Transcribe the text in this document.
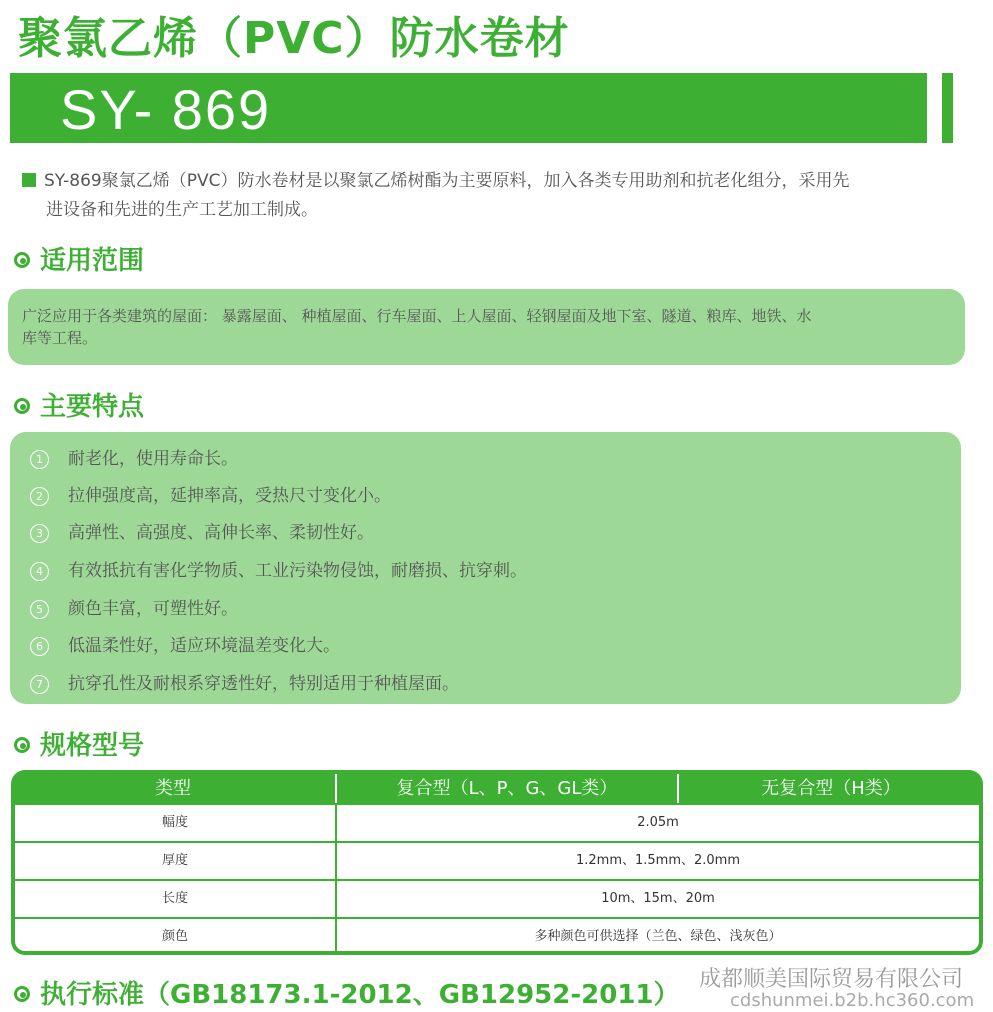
聚氯乙烯（PVC）防水卷材
SY- 869
SY-869聚氯乙烯（PVC）防水卷材是以聚氯乙烯树酯为主要原料，加入各类专用助剂和抗老化组分，采用先
进设备和先进的生产工艺加工制成。
适用范围
广泛应用于各类建筑的屋面： 暴露屋面、 种植屋面、行车屋面、上人屋面、轻钢屋面及地下室、隧道、粮库、地铁、水
库等工程。
主要特点
1 耐老化，使用寿命长。
2 拉伸强度高，延抻率高，受热尺寸变化小。
3 高弹性、高强度、高伸长率、柔韧性好。
4 有效抵抗有害化学物质、工业污染物侵蚀，耐磨损、抗穿刺。
5 颜色丰富，可塑性好。
6 低温柔性好，适应环境温差变化大。
7 抗穿孔性及耐根系穿透性好，特别适用于种植屋面。
规格型号
类型	复合型（L、P、G、GL类）	无复合型（H类）
幅度	2.05m
厚度	1.2mm、1.5mm、2.0mm
长度	10m、15m、20m
颜色	多种颜色可供选择（兰色、绿色、浅灰色）
执行标准（GB18173.1-2012、GB12952-2011）
成都顺美国际贸易有限公司
cdshunmei.b2b.hc360.com
